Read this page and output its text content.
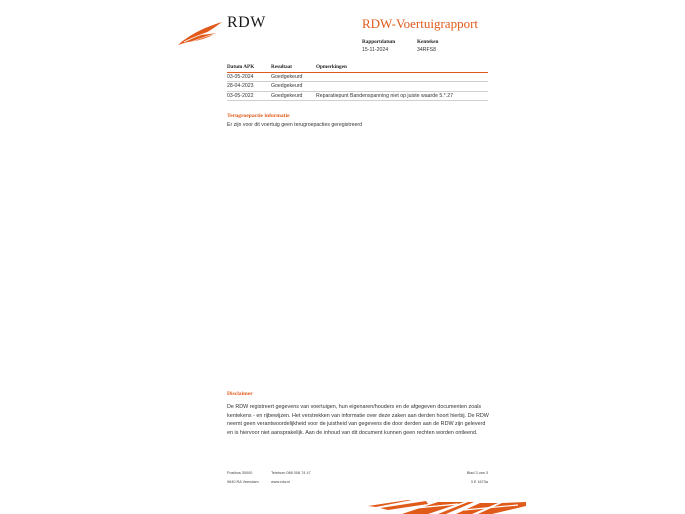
RDW	RDW-Voertuigrapport
Rapportdatum
15-11-2024
Kenteken
34RFS8
Datum APK	Resultaat	Opmerkingen
03-05-2024	Goedgekeurd
28-04-2023	Goedgekeurd
03-05-2022	Goedgekeurd	Reparatiepunt Bandenspanning niet op juiste waarde 5.*.27
Terugroepactie informatie
Er zijn voor dit voertuig geen terugroepacties geregistreerd
Disclaimer
De RDW registreert gegevens van voertuigen, hun eigenaren/houders en de afgegeven documenten zoals kentekens - en rijbewijzen. Het verstrekken van informatie over deze zaken aan derden hoort hierbij. De RDW neemt geen verantwoordelijkheid voor de juistheid van gegevens die door derden aan de RDW zijn geleverd en is hiervoor niet aansprakelijk. Aan de inhoud van dit document kunnen geen rechten worden ontleend.
Postbus 30000
9640 RA Veendam
Telefoon 088 008 74 47
www.rdw.nl
Blad 3 van 3
3 E 1673a
